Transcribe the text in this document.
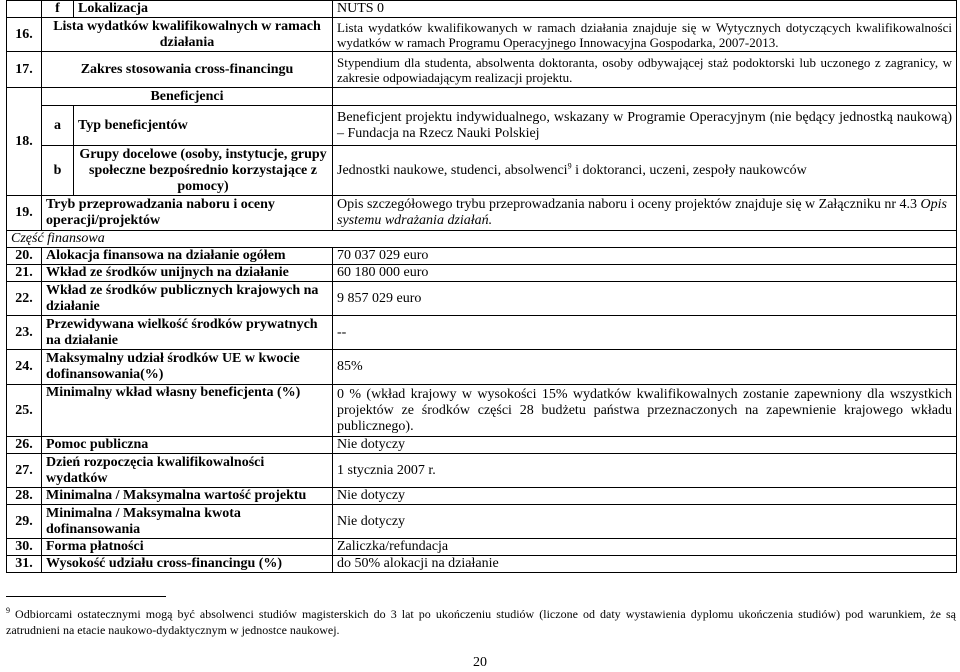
	f	Lokalizacja	NUTS 0
16.	Lista wydatków kwalifikowalnych w ramach działania		Lista wydatków kwalifikowanych w ramach działania znajduje się w Wytycznych dotyczących kwalifikowalności wydatków w ramach Programu Operacyjnego Innowacyjna Gospodarka, 2007-2013.
17.	Zakres stosowania cross-financingu		Stypendium dla studenta, absolwenta doktoranta, osoby odbywającej staż podoktorski lub uczonego z zagranicy, w zakresie odpowiadającym realizacji projektu.
18.	Beneficjenci		
	a	Typ beneficjentów	Beneficjent projektu indywidualnego, wskazany w Programie Operacyjnym (nie będący jednostką naukową) – Fundacja na Rzecz Nauki Polskiej
	b	Grupy docelowe (osoby, instytucje, grupy społeczne bezpośrednio korzystające z pomocy)	Jednostki naukowe, studenci, absolwenci$^9$ i doktoranci, uczeni, zespoły naukowców
19.	Tryb przeprowadzania naboru i oceny operacji/projektów		Opis szczegółowego trybu przeprowadzania naboru i oceny projektów znajduje się w Załączniku nr 4.3 Opis systemu wdrażania działań.
Część finansowa			
20.	Alokacja finansowa na działanie ogółem		70 037 029 euro
21.	Wkład ze środków unijnych na działanie		60 180 000 euro
22.	Wkład ze środków publicznych krajowych na działanie		9 857 029 euro
23.	Przewidywana wielkość środków prywatnych na działanie		--
24.	Maksymalny udział środków UE w kwocie dofinansowania(%)		85%
25.	Minimalny wkład własny beneficjenta (%)		0 % (wkład krajowy w wysokości 15% wydatków kwalifikowalnych zostanie zapewniony dla wszystkich projektów ze środków części 28 budżetu państwa przeznaczonych na zapewnienie krajowego wkładu publicznego).
26.	Pomoc publiczna		Nie dotyczy
27.	Dzień rozpoczęcia kwalifikowalności wydatków		1 stycznia 2007 r.
28.	Minimalna / Maksymalna wartość projektu		Nie dotyczy
29.	Minimalna / Maksymalna kwota dofinansowania		Nie dotyczy
30.	Forma płatności		Zaliczka/refundacja
31.	Wysokość udziału cross-financingu (%)		do 50% alokacji na działanie
$^9$ Odbiorcami ostatecznymi mogą być absolwenci studiów magisterskich do 3 lat po ukończeniu studiów (liczone od daty wystawienia dyplomu ukończenia studiów) pod warunkiem, że są zatrudnieni na etacie naukowo-dydaktycznym w jednostce naukowej.
20
